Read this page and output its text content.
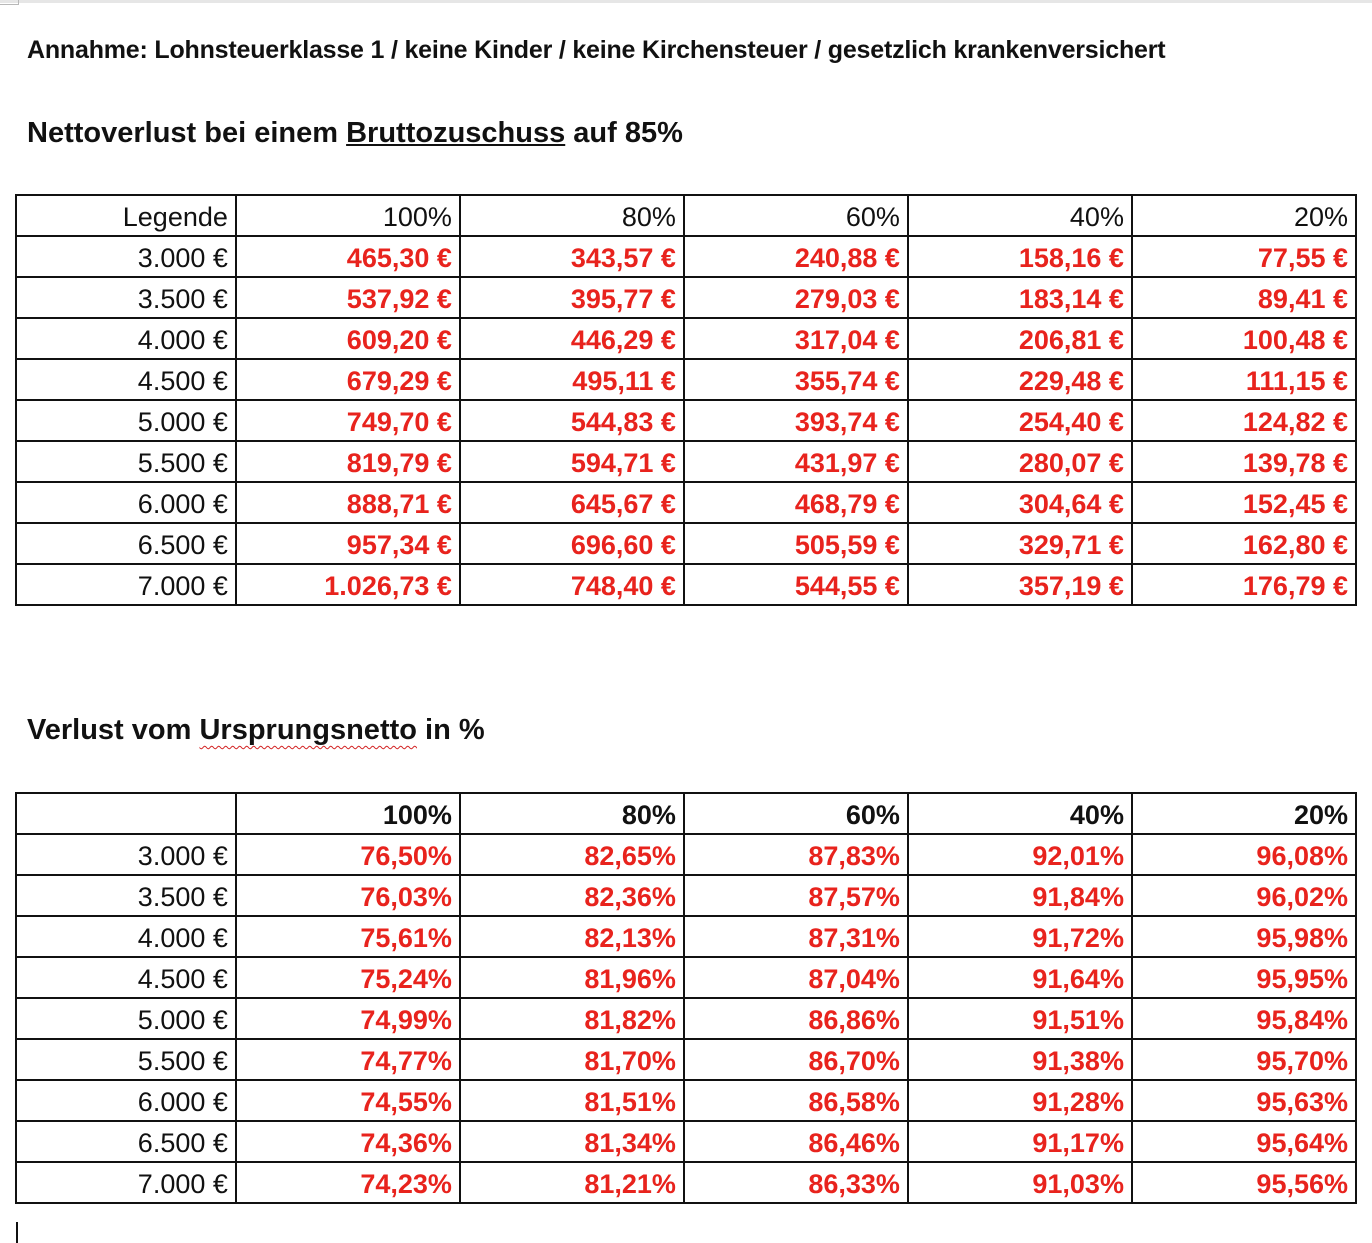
Annahme: Lohnsteuerklasse 1 / keine Kinder / keine Kirchensteuer / gesetzlich krankenversichert
Nettoverlust bei einem Bruttozuschuss auf 85%
Legende	100%	80%	60%	40%	20%
3.000 €	465,30 €	343,57 €	240,88 €	158,16 €	77,55 €
3.500 €	537,92 €	395,77 €	279,03 €	183,14 €	89,41 €
4.000 €	609,20 €	446,29 €	317,04 €	206,81 €	100,48 €
4.500 €	679,29 €	495,11 €	355,74 €	229,48 €	111,15 €
5.000 €	749,70 €	544,83 €	393,74 €	254,40 €	124,82 €
5.500 €	819,79 €	594,71 €	431,97 €	280,07 €	139,78 €
6.000 €	888,71 €	645,67 €	468,79 €	304,64 €	152,45 €
6.500 €	957,34 €	696,60 €	505,59 €	329,71 €	162,80 €
7.000 €	1.026,73 €	748,40 €	544,55 €	357,19 €	176,79 €
Verlust vom Ursprungsnetto in %
	100%	80%	60%	40%	20%
3.000 €	76,50%	82,65%	87,83%	92,01%	96,08%
3.500 €	76,03%	82,36%	87,57%	91,84%	96,02%
4.000 €	75,61%	82,13%	87,31%	91,72%	95,98%
4.500 €	75,24%	81,96%	87,04%	91,64%	95,95%
5.000 €	74,99%	81,82%	86,86%	91,51%	95,84%
5.500 €	74,77%	81,70%	86,70%	91,38%	95,70%
6.000 €	74,55%	81,51%	86,58%	91,28%	95,63%
6.500 €	74,36%	81,34%	86,46%	91,17%	95,64%
7.000 €	74,23%	81,21%	86,33%	91,03%	95,56%
